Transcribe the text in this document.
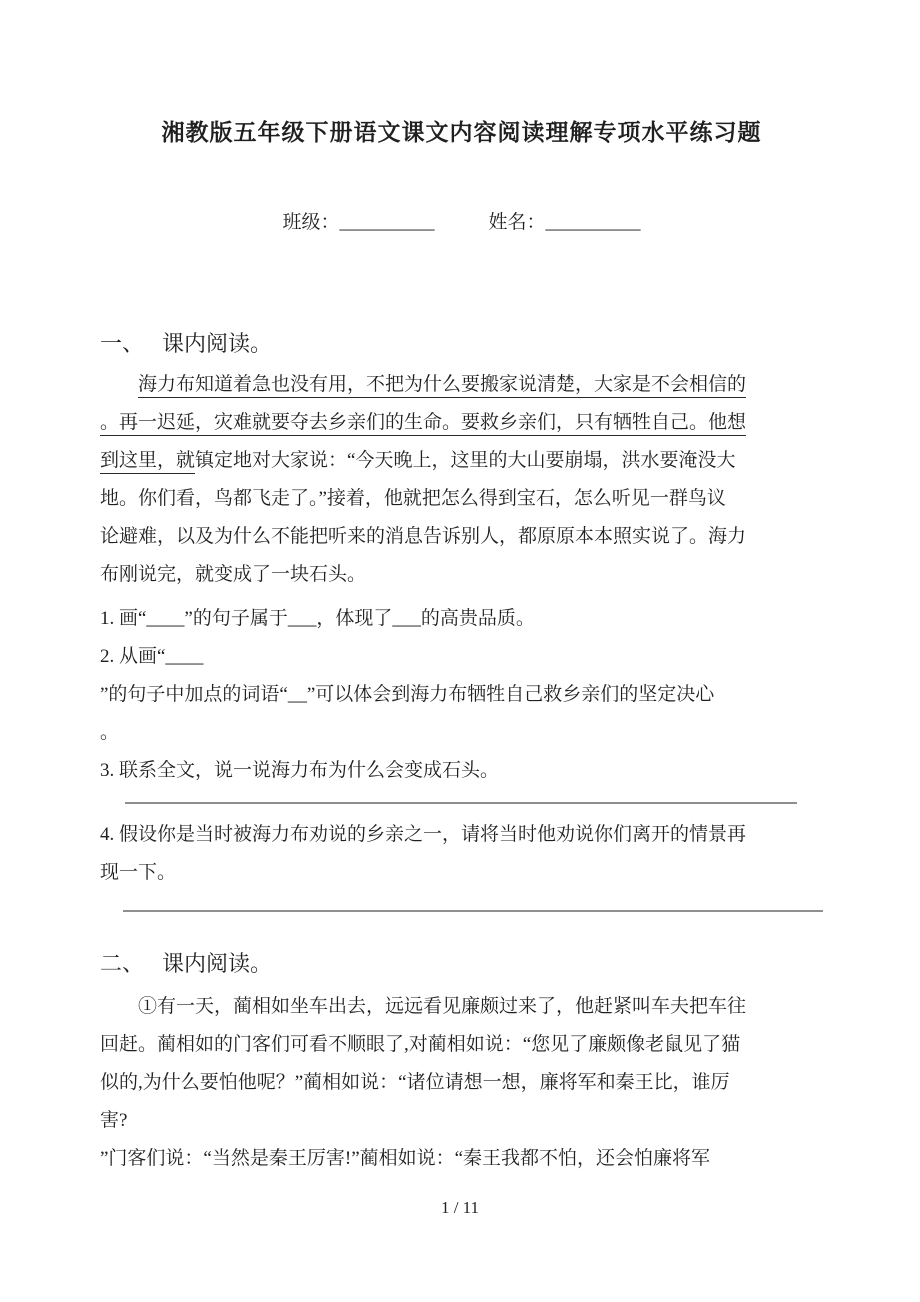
湘教版五年级下册语文课文内容阅读理解专项水平练习题
班级：__________	姓名：__________
一、 课内阅读。
海力布知道着急也没有用，不把为什么要搬家说清楚，大家是不会相信的
。再一迟延，灾难就要夺去乡亲们的生命。要救乡亲们，只有牺牲自己。他想
到这里，就镇定地对大家说：“今天晚上，这里的大山要崩塌，洪水要淹没大
地。你们看，鸟都飞走了。”接着，他就把怎么得到宝石，怎么听见一群鸟议
论避难，以及为什么不能把听来的消息告诉别人，都原原本本照实说了。海力
布刚说完，就变成了一块石头。
1. 画“____”的句子属于___，体现了___的高贵品质。
2. 从画“____
”的句子中加点的词语“__”可以体会到海力布牺牲自己救乡亲们的坚定决心
。
3. 联系全文，说一说海力布为什么会变成石头。
4. 假设你是当时被海力布劝说的乡亲之一，请将当时他劝说你们离开的情景再
现一下。
二、 课内阅读。
①有一天，蔺相如坐车出去，远远看见廉颇过来了，他赶紧叫车夫把车往
回赶。蔺相如的门客们可看不顺眼了,对蔺相如说：“您见了廉颇像老鼠见了猫
似的,为什么要怕他呢？”蔺相如说：“诸位请想一想，廉将军和秦王比，谁厉
害?
”门客们说：“当然是秦王厉害!”蔺相如说：“秦王我都不怕，还会怕廉将军
1 / 11
